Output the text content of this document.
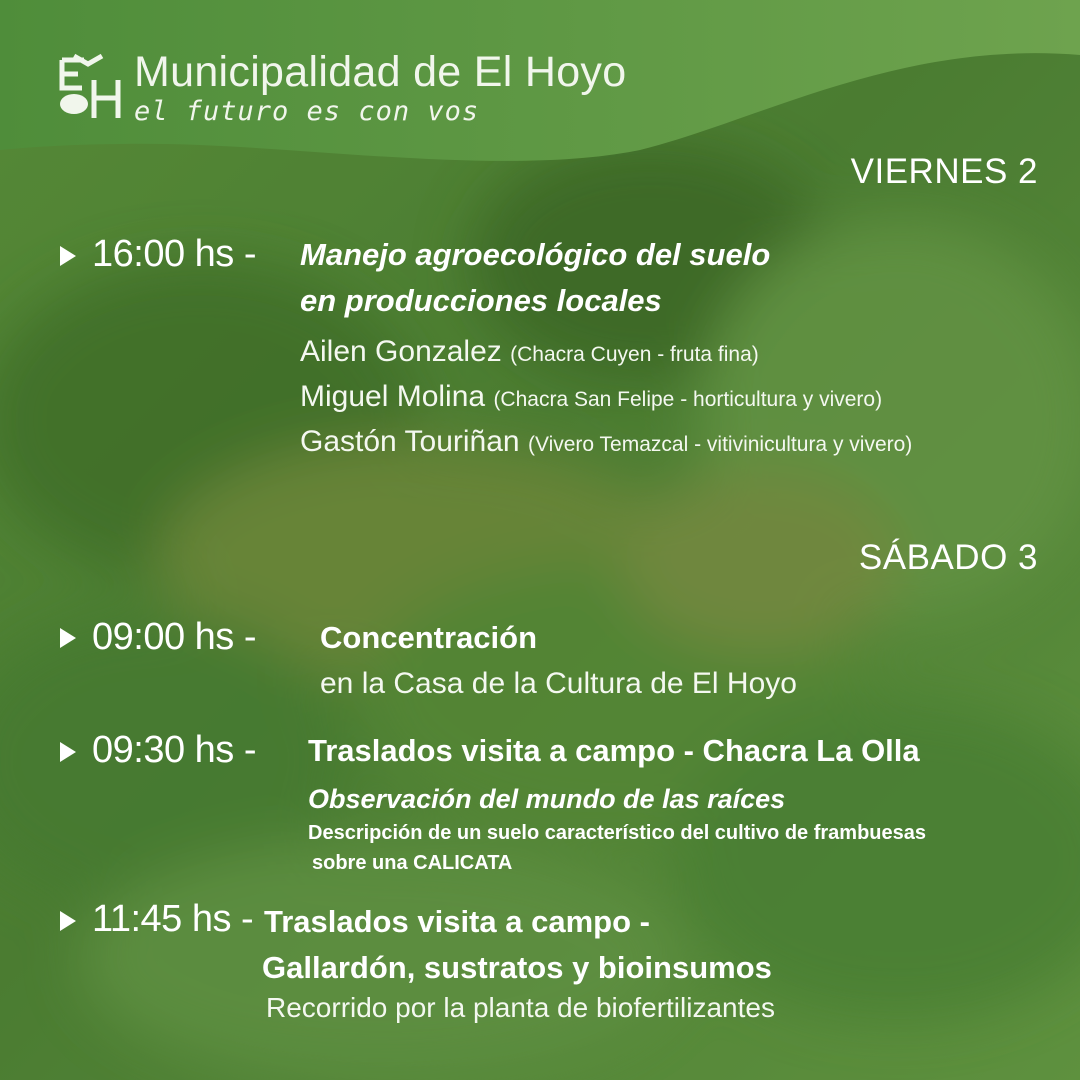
Municipalidad de El Hoyo
el futuro es con vos
VIERNES 2
16:00 hs - Manejo agroecológico del suelo
en producciones locales
Ailen Gonzalez (Chacra Cuyen - fruta fina)
Miguel Molina (Chacra San Felipe - horticultura y vivero)
Gastón Touriñan (Vivero Temazcal - vitivinicultura y vivero)
SÁBADO 3
09:00 hs - Concentración
en la Casa de la Cultura de El Hoyo
09:30 hs - Traslados visita a campo - Chacra La Olla
Observación del mundo de las raíces
Descripción de un suelo característico del cultivo de frambuesas
sobre una CALICATA
11:45 hs - Traslados visita a campo -
Gallardón, sustratos y bioinsumos
Recorrido por la planta de biofertilizantes
